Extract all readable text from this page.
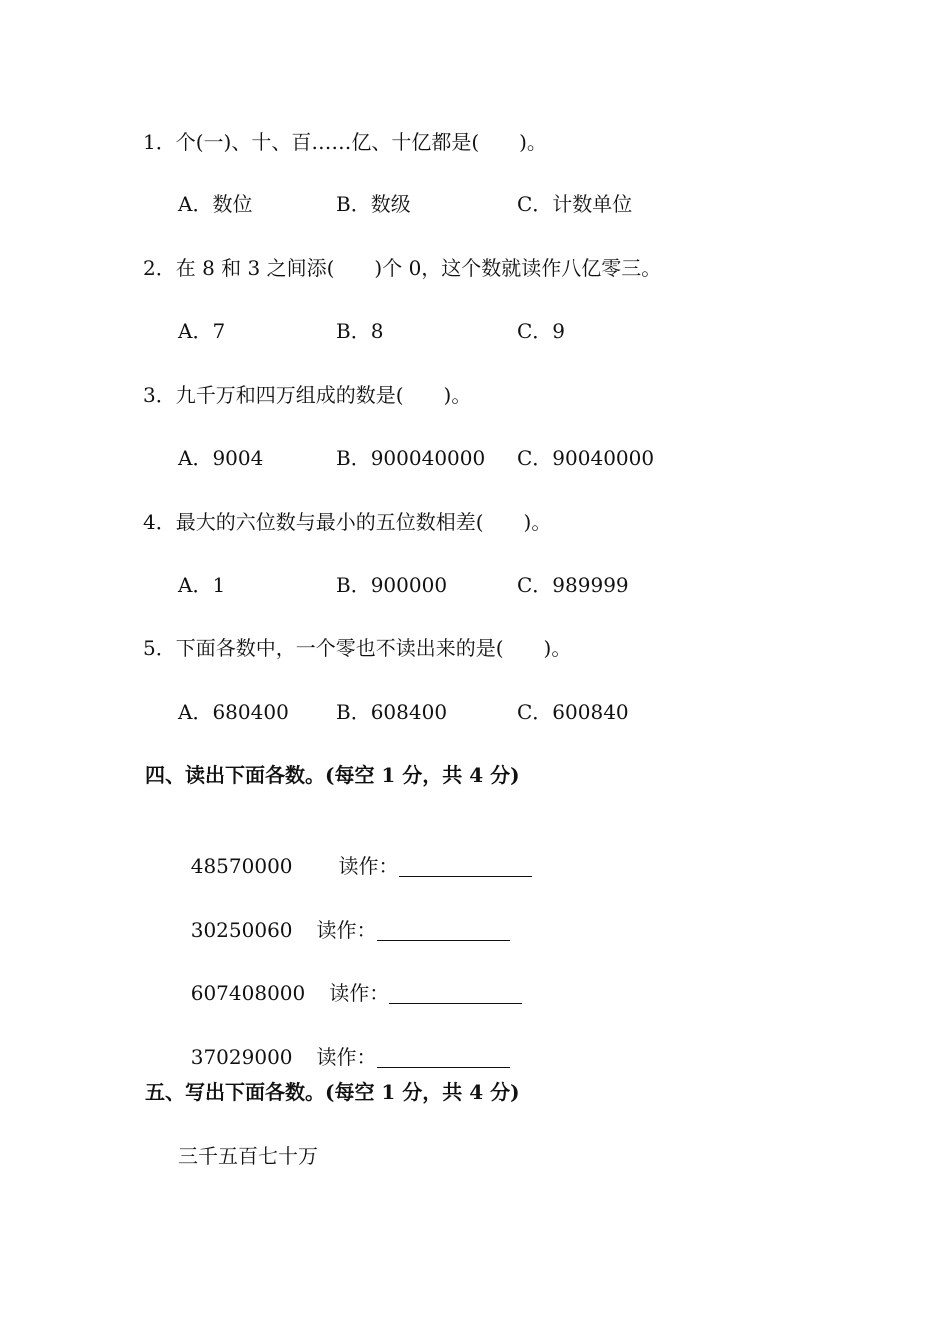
1．个(一)、十、百……亿、十亿都是(　　)。
A．数位	B．数级	C．计数单位
2．在 8 和 3 之间添(　　)个 0，这个数就读作八亿零三。
A．7	B．8	C．9
3．九千万和四万组成的数是(　　)。
A．9004	B．900040000 C．90040000
4．最大的六位数与最小的五位数相差(　　)。
A．1	B．900000	C．989999
5．下面各数中，一个零也不读出来的是(　　)。
A．680400 B．608400	C．600840
四、读出下面各数。(每空 1 分，共 4 分)

48570000 读作：

30250060 读作：

607408000 读作：

37029000 读作：

五、写出下面各数。(每空 1 分，共 4 分)
三千五百七十万
